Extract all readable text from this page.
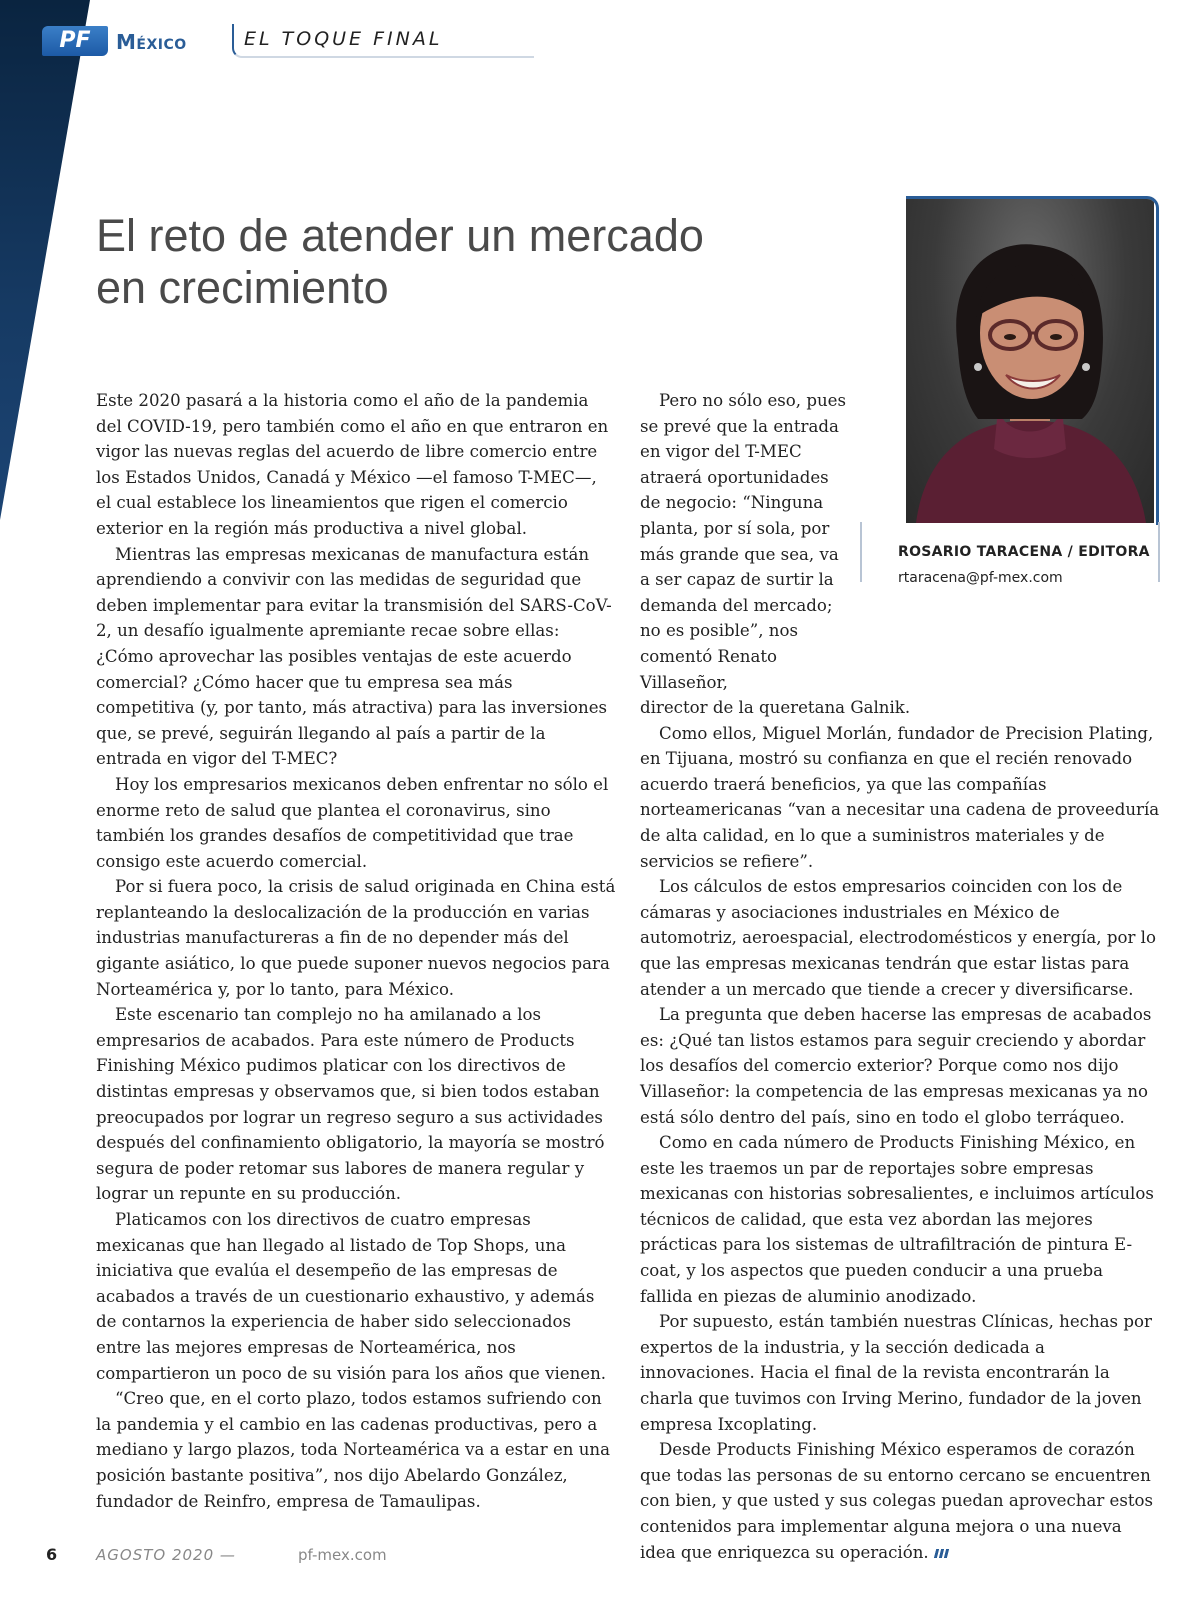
PF	México	EL TOQUE FINAL
El reto de atender un mercado
en crecimiento
ROSARIO TARACENA / EDITORA
rtaracena@pf-mex.com

Este 2020 pasará a la historia como el año de la pandemia del COVID-19, pero también como el año en que entraron en vigor las nuevas reglas del acuerdo de libre comercio entre los Estados Unidos, Canadá y México —el famoso T-MEC—, el cual establece los lineamientos que rigen el comercio exterior en la región más productiva a nivel global.

Mientras las empresas mexicanas de manufactura están aprendiendo a convivir con las medidas de seguridad que deben implementar para evitar la transmisión del SARS-CoV-2, un desafío igualmente apremiante recae sobre ellas: ¿Cómo aprovechar las posibles ventajas de este acuerdo comercial? ¿Cómo hacer que tu empresa sea más competitiva (y, por tanto, más atractiva) para las inversiones que, se prevé, seguirán llegando al país a partir de la entrada en vigor del T-MEC?

Hoy los empresarios mexicanos deben enfrentar no sólo el enorme reto de salud que plantea el coronavirus, sino también los grandes desafíos de competitividad que trae consigo este acuerdo comercial.

Por si fuera poco, la crisis de salud originada en China está replanteando la deslocalización de la producción en varias industrias manufactureras a fin de no depender más del gigante asiático, lo que puede suponer nuevos negocios para Norteamérica y, por lo tanto, para México.

Este escenario tan complejo no ha amilanado a los empresarios de acabados. Para este número de Products Finishing México pudimos platicar con los directivos de distintas empresas y observamos que, si bien todos estaban preocupados por lograr un regreso seguro a sus actividades después del confinamiento obligatorio, la mayoría se mostró segura de poder retomar sus labores de manera regular y lograr un repunte en su producción.

Platicamos con los directivos de cuatro empresas mexicanas que han llegado al listado de Top Shops, una iniciativa que evalúa el desempeño de las empresas de acabados a través de un cuestionario exhaustivo, y además de contarnos la experiencia de haber sido seleccionados entre las mejores empresas de Norteamérica, nos compartieron un poco de su visión para los años que vienen.

“Creo que, en el corto plazo, todos estamos sufriendo con la pandemia y el cambio en las cadenas productivas, pero a mediano y largo plazos, toda Norteamérica va a estar en una posición bastante positiva”, nos dijo Abelardo González, fundador de Reinfro, empresa de Tamaulipas.

Pero no sólo eso, pues se prevé que la entrada en vigor del T-MEC atraerá oportunidades de negocio: “Ninguna planta, por sí sola, por más grande que sea, va a ser capaz de surtir la demanda del mercado; no es posible”, nos comentó Renato Villaseñor,

director de la queretana Galnik.

Como ellos, Miguel Morlán, fundador de Precision Plating, en Tijuana, mostró su confianza en que el recién renovado acuerdo traerá beneficios, ya que las compañías norteamericanas “van a necesitar una cadena de proveeduría de alta calidad, en lo que a suministros materiales y de servicios se refiere”.

Los cálculos de estos empresarios coinciden con los de cámaras y asociaciones industriales en México de automotriz, aeroespacial, electrodomésticos y energía, por lo que las empresas mexicanas tendrán que estar listas para atender a un mercado que tiende a crecer y diversificarse.

La pregunta que deben hacerse las empresas de acabados es: ¿Qué tan listos estamos para seguir creciendo y abordar los desafíos del comercio exterior? Porque como nos dijo Villaseñor: la competencia de las empresas mexicanas ya no está sólo dentro del país, sino en todo el globo terráqueo.

Como en cada número de Products Finishing México, en este les traemos un par de reportajes sobre empresas mexicanas con historias sobresalientes, e incluimos artículos técnicos de calidad, que esta vez abordan las mejores prácticas para los sistemas de ultrafiltración de pintura E-coat, y los aspectos que pueden conducir a una prueba fallida en piezas de aluminio anodizado.

Por supuesto, están también nuestras Clínicas, hechas por expertos de la industria, y la sección dedicada a innovaciones. Hacia el final de la revista encontrarán la charla que tuvimos con Irving Merino, fundador de la joven empresa Ixcoplating.

Desde Products Finishing México esperamos de corazón que todas las personas de su entorno cercano se encuentren con bien, y que usted y sus colegas puedan aprovechar estos contenidos para implementar alguna mejora o una nueva idea que enriquezca su operación.

6	AGOSTO 2020 —	pf-mex.com
